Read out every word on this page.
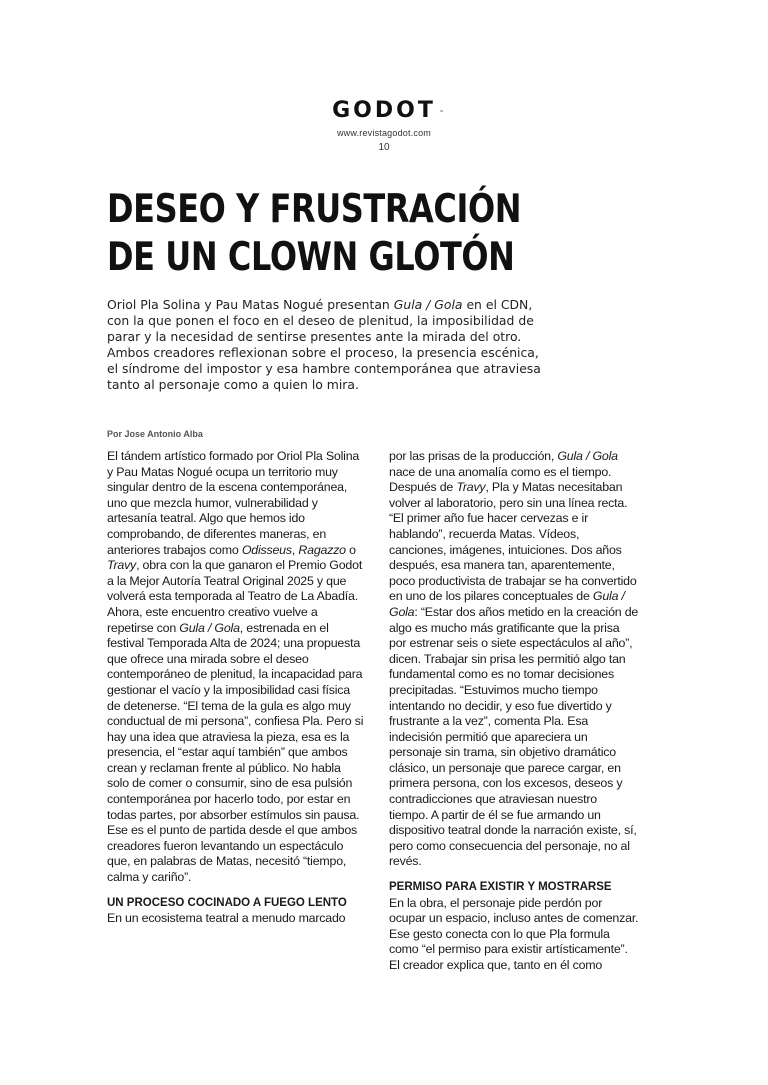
GODOT ™
www.revistagodot.com
10
DESEO Y FRUSTRACIÓN
DE UN CLOWN GLOTÓN

Oriol Pla Solina y Pau Matas Nogué presentan Gula / Gola en el CDN, con la que ponen el foco en el deseo de plenitud, la imposibilidad de parar y la necesidad de sentirse presentes ante la mirada del otro. Ambos creadores reflexionan sobre el proceso, la presencia escénica, el síndrome del impostor y esa hambre contemporánea que atraviesa tanto al personaje como a quien lo mira.

Por Jose Antonio Alba

El tándem artístico formado por Oriol Pla Solina y Pau Matas Nogué ocupa un territorio muy singular dentro de la escena contemporánea, uno que mezcla humor, vulnerabilidad y artesanía teatral. Algo que hemos ido comprobando, de diferentes maneras, en anteriores trabajos como Odisseus, Ragazzo o Travy, obra con la que ganaron el Premio Godot a la Mejor Autoría Teatral Original 2025 y que volverá esta temporada al Teatro de La Abadía.

Ahora, este encuentro creativo vuelve a repetirse con Gula / Gola, estrenada en el festival Temporada Alta de 2024; una propuesta que ofrece una mirada sobre el deseo contemporáneo de plenitud, la incapacidad para gestionar el vacío y la imposibilidad casi física de detenerse. “El tema de la gula es algo muy conductual de mi persona”, confiesa Pla. Pero si hay una idea que atraviesa la pieza, esa es la presencia, el “estar aquí también” que ambos crean y reclaman frente al público. No habla solo de comer o consumir, sino de esa pulsión contemporánea por hacerlo todo, por estar en todas partes, por absorber estímulos sin pausa. Ese es el punto de partida desde el que ambos creadores fueron levantando un espectáculo que, en palabras de Matas, necesitó “tiempo, calma y cariño”.

UN PROCESO COCINADO A FUEGO LENTO

En un ecosistema teatral a menudo marcado

por las prisas de la producción, Gula / Gola nace de una anomalía como es el tiempo. Después de Travy, Pla y Matas necesitaban volver al laboratorio, pero sin una línea recta. “El primer año fue hacer cervezas e ir hablando”, recuerda Matas. Vídeos, canciones, imágenes, intuiciones. Dos años después, esa manera tan, aparentemente, poco productivista de trabajar se ha convertido en uno de los pilares conceptuales de Gula / Gola: “Estar dos años metido en la creación de algo es mucho más gratificante que la prisa por estrenar seis o siete espectáculos al año”, dicen. Trabajar sin prisa les permitió algo tan fundamental como es no tomar decisiones precipitadas. “Estuvimos mucho tiempo intentando no decidir, y eso fue divertido y frustrante a la vez”, comenta Pla. Esa indecisión permitió que apareciera un personaje sin trama, sin objetivo dramático clásico, un personaje que parece cargar, en primera persona, con los excesos, deseos y contradicciones que atraviesan nuestro tiempo. A partir de él se fue armando un dispositivo teatral donde la narración existe, sí, pero como consecuencia del personaje, no al revés.

PERMISO PARA EXISTIR Y MOSTRARSE

En la obra, el personaje pide perdón por ocupar un espacio, incluso antes de comenzar. Ese gesto conecta con lo que Pla formula como “el permiso para existir artísticamente”. El creador explica que, tanto en él como
